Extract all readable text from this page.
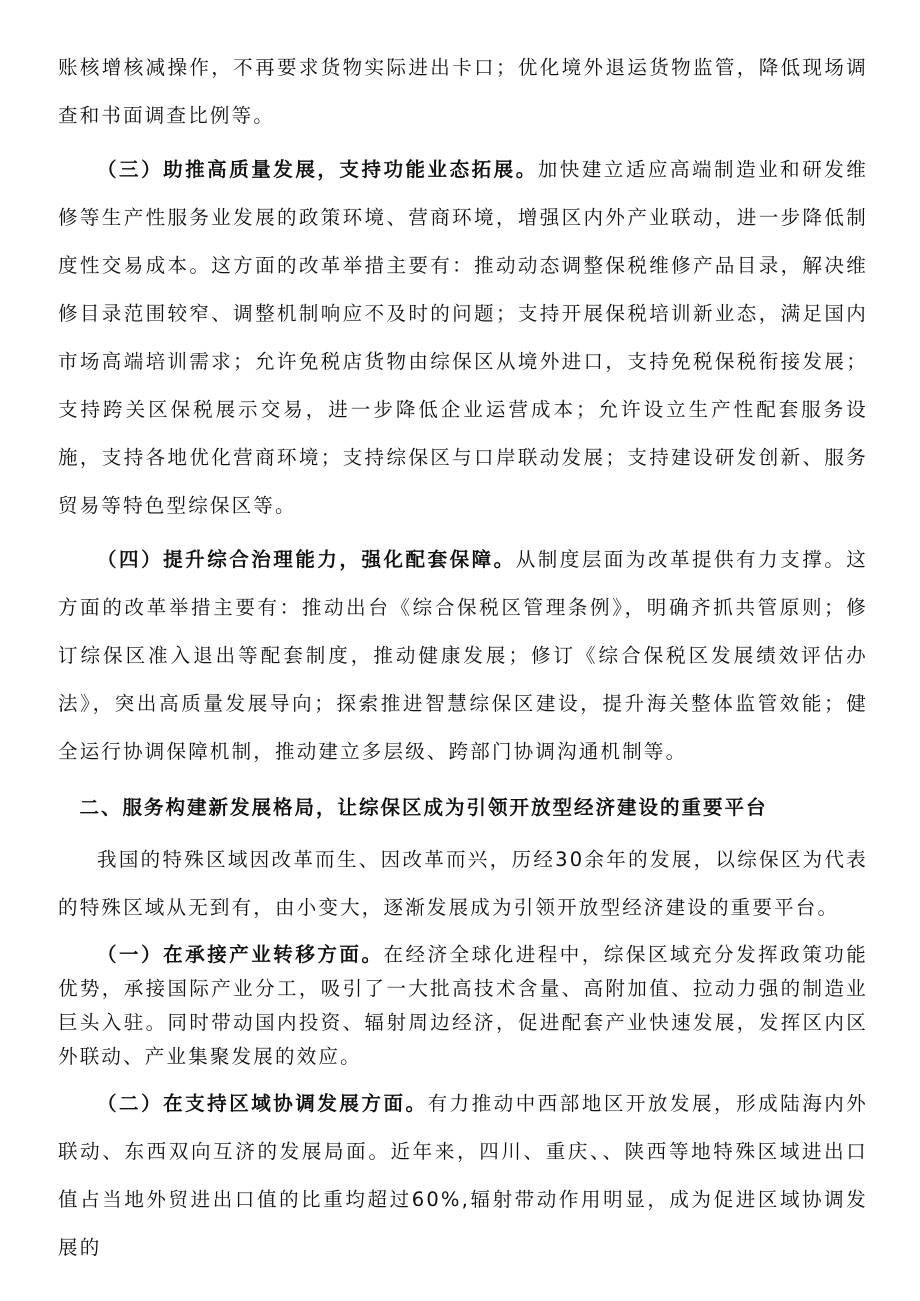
账核增核减操作，不再要求货物实际进出卡口；优化境外退运货物监管，降低现场调查和书面调查比例等。

（三）助推高质量发展，支持功能业态拓展。加快建立适应高端制造业和研发维修等生产性服务业发展的政策环境、营商环境，增强区内外产业联动，进一步降低制度性交易成本。这方面的改革举措主要有：推动动态调整保税维修产品目录，解决维修目录范围较窄、调整机制响应不及时的问题；支持开展保税培训新业态，满足国内市场高端培训需求；允许免税店货物由综保区从境外进口，支持免税保税衔接发展；支持跨关区保税展示交易，进一步降低企业运营成本；允许设立生产性配套服务设施，支持各地优化营商环境；支持综保区与口岸联动发展；支持建设研发创新、服务贸易等特色型综保区等。

（四）提升综合治理能力，强化配套保障。从制度层面为改革提供有力支撑。这方面的改革举措主要有：推动出台《综合保税区管理条例》，明确齐抓共管原则；修订综保区准入退出等配套制度，推动健康发展；修订《综合保税区发展绩效评估办法》，突出高质量发展导向；探索推进智慧综保区建设，提升海关整体监管效能；健全运行协调保障机制，推动建立多层级、跨部门协调沟通机制等。

二、服务构建新发展格局，让综保区成为引领开放型经济建设的重要平台

我国的特殊区域因改革而生、因改革而兴，历经30余年的发展，以综保区为代表的特殊区域从无到有，由小变大，逐渐发展成为引领开放型经济建设的重要平台。

（一）在承接产业转移方面。在经济全球化进程中，综保区域充分发挥政策功能优势，承接国际产业分工，吸引了一大批高技术含量、高附加值、拉动力强的制造业巨头入驻。同时带动国内投资、辐射周边经济，促进配套产业快速发展，发挥区内区外联动、产业集聚发展的效应。

（二）在支持区域协调发展方面。有力推动中西部地区开放发展，形成陆海内外联动、东西双向互济的发展局面。近年来，四川、重庆、、陕西等地特殊区域进出口值占当地外贸进出口值的比重均超过60%,辐射带动作用明显，成为促进区域协调发展的
